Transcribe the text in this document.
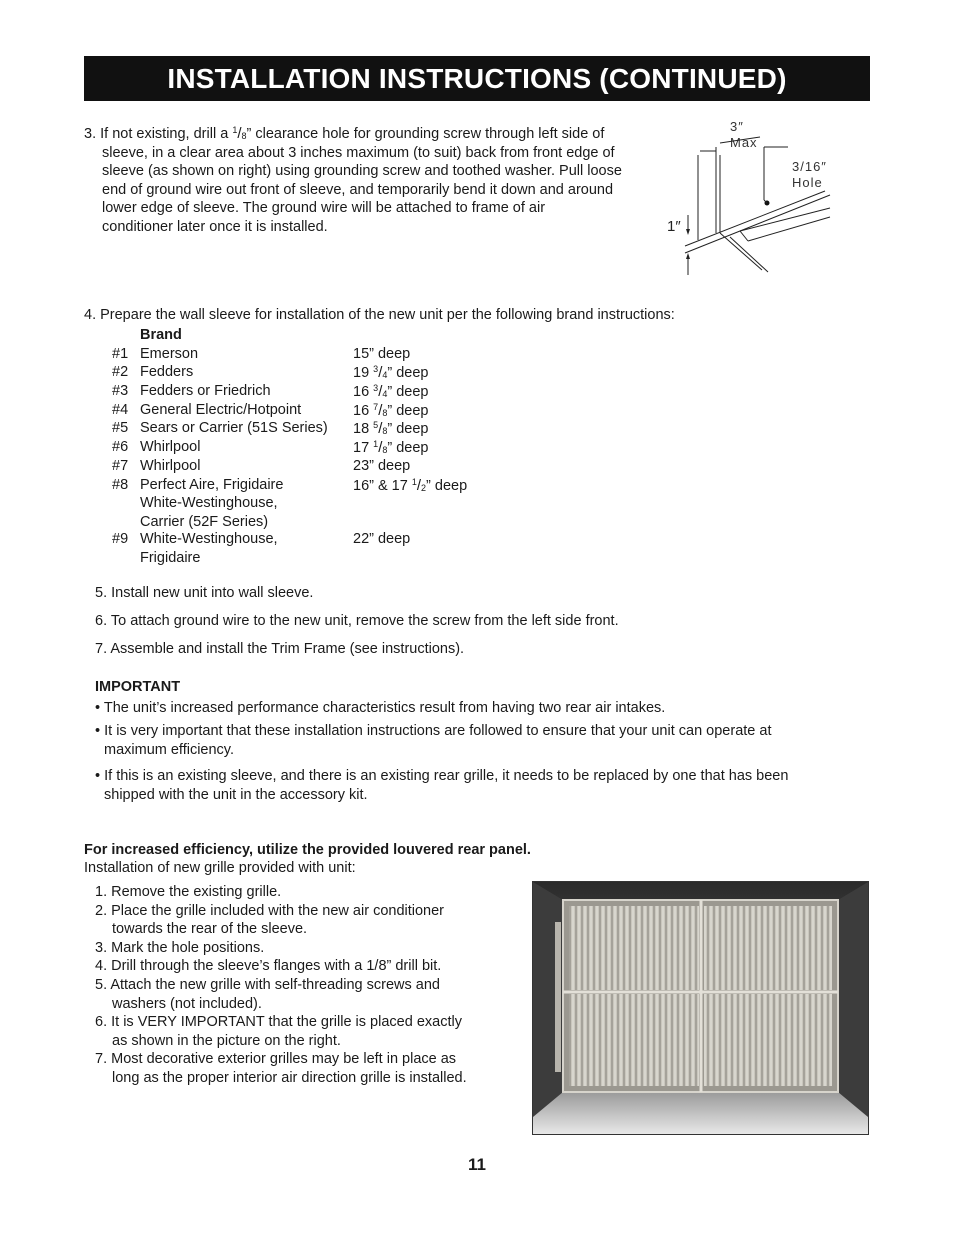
INSTALLATION INSTRUCTIONS (CONTINUED)
3. If not existing, drill a $^1/_8$” clearance hole for grounding screw through left side of
sleeve, in a clear area about 3 inches maximum (to suit) back from front edge of
sleeve (as shown on right) using grounding screw and toothed washer. Pull loose
end of ground wire out front of sleeve, and temporarily bend it down and around
lower edge of sleeve. The ground wire will be attached to frame of air
conditioner later once it is installed.
3″
Max
3/16″
Hole
1″
4. Prepare the wall sleeve for installation of the new unit per the following brand instructions:
Brand
#1 Emerson	15” deep
#2 Fedders	19 $^3/_4$” deep
#3 Fedders or Friedrich	16 $^3/_4$” deep
#4 General Electric/Hotpoint	16 $^7/_8$” deep
#5 Sears or Carrier (51S Series) 18 $^5/_8$” deep
#6 Whirlpool	17 $^1/_8$” deep
#7 Whirlpool	23” deep
#8 Perfect Aire, Frigidaire	16” & 17 $^1/_2$” deep
White-Westinghouse,
Carrier (52F Series)
#9 White-Westinghouse,	22” deep
Frigidaire
5. Install new unit into wall sleeve.
6. To attach ground wire to the new unit, remove the screw from the left side front.
7. Assemble and install the Trim Frame (see instructions).
IMPORTANT
• The unit’s increased performance characteristics result from having two rear air intakes.
• It is very important that these installation instructions are followed to ensure that your unit can operate at
maximum efficiency.
• If this is an existing sleeve, and there is an existing rear grille, it needs to be replaced by one that has been
shipped with the unit in the accessory kit.
For increased efficiency, utilize the provided louvered rear panel.
Installation of new grille provided with unit:
1. Remove the existing grille.
2. Place the grille included with the new air conditioner
towards the rear of the sleeve.
3. Mark the hole positions.
4. Drill through the sleeve’s flanges with a 1/8” drill bit.
5. Attach the new grille with self-threading screws and
washers (not included).
6. It is VERY IMPORTANT that the grille is placed exactly
as shown in the picture on the right.
7. Most decorative exterior grilles may be left in place as
long as the proper interior air direction grille is installed.
11
